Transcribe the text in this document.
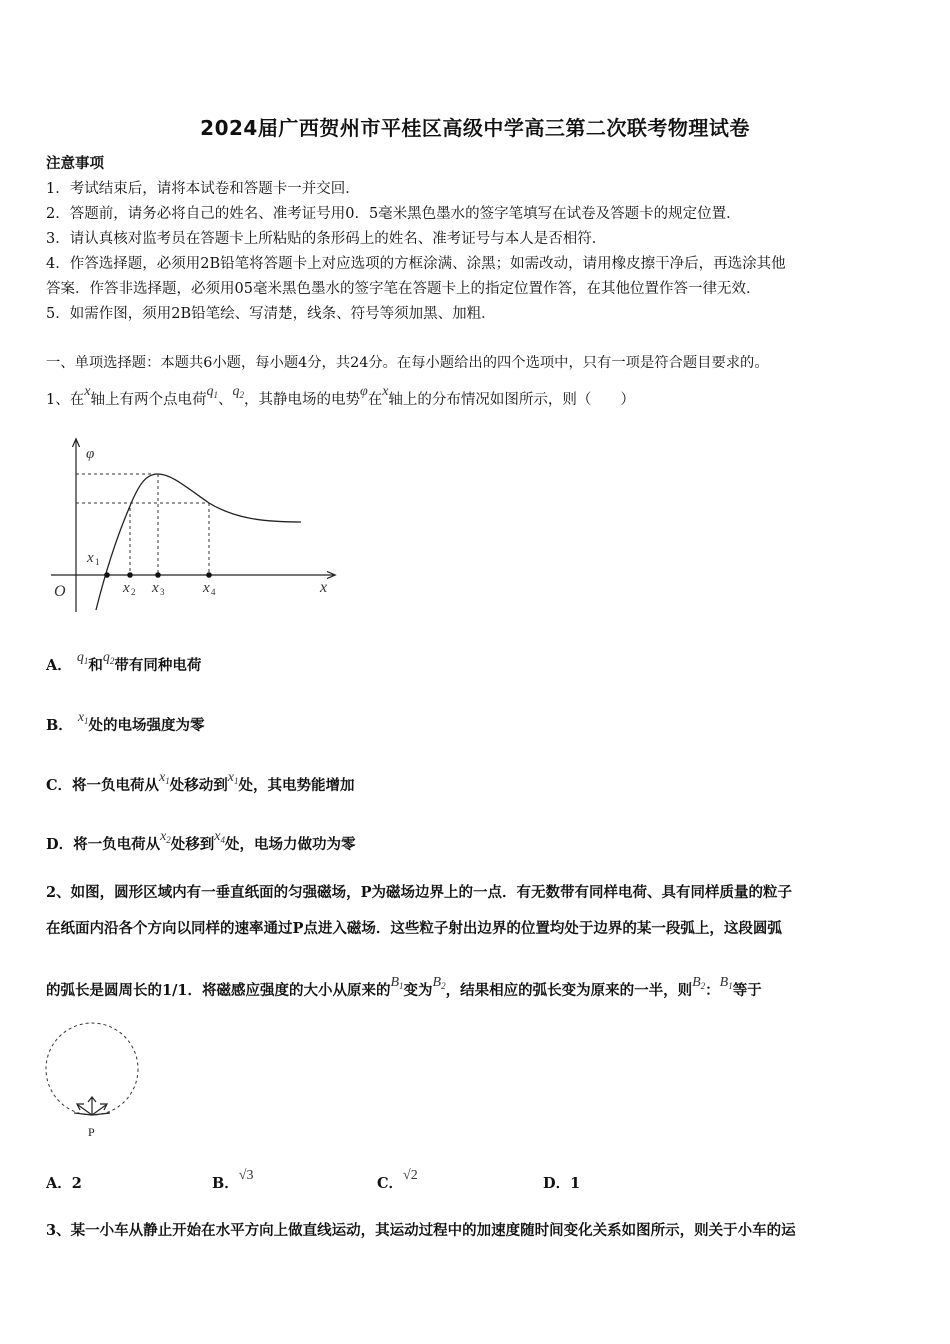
2024届广西贺州市平桂区高级中学高三第二次联考物理试卷
注意事项
1．考试结束后，请将本试卷和答题卡一并交回．
2．答题前，请务必将自己的姓名、准考证号用0．5毫米黑色墨水的签字笔填写在试卷及答题卡的规定位置．
3．请认真核对监考员在答题卡上所粘贴的条形码上的姓名、准考证号与本人是否相符．
4．作答选择题，必须用2B铅笔将答题卡上对应选项的方框涂满、涂黑；如需改动，请用橡皮擦干净后，再选涂其他
答案．作答非选择题，必须用05毫米黑色墨水的签字笔在答题卡上的指定位置作答，在其他位置作答一律无效．
5．如需作图，须用2B铅笔绘、写清楚，线条、符号等须加黑、加粗．
一、单项选择题：本题共6小题，每小题4分，共24分。在每小题给出的四个选项中，只有一项是符合题目要求的。
1、在x轴上有两个点电荷$q_1$、$q_2$，其静电场的电势φ在x轴上的分布情况如图所示，则（　　）
φ
O	x
x 1
x 2 x 3	x 4
A． $q_1$和$q_2$带有同种电荷
B． $x_1$处的电场强度为零
C．将一负电荷从$x_1$处移动到$x_1$处，其电势能增加
D．将一负电荷从$x_2$处移到$x_4$处，电场力做功为零
2、如图，圆形区域内有一垂直纸面的匀强磁场，P为磁场边界上的一点．有无数带有同样电荷、具有同样质量的粒子
在纸面内沿各个方向以同样的速率通过P点进入磁场．这些粒子射出边界的位置均处于边界的某一段弧上，这段圆弧
的弧长是圆周长的1/1．将磁感应强度的大小从原来的$B_1$变为$B_2$，结果相应的弧长变为原来的一半，则$B_2$：$B_1$等于
P
A．2	B．√3	C．√2	D．1
3、某一小车从静止开始在水平方向上做直线运动，其运动过程中的加速度随时间变化关系如图所示，则关于小车的运
